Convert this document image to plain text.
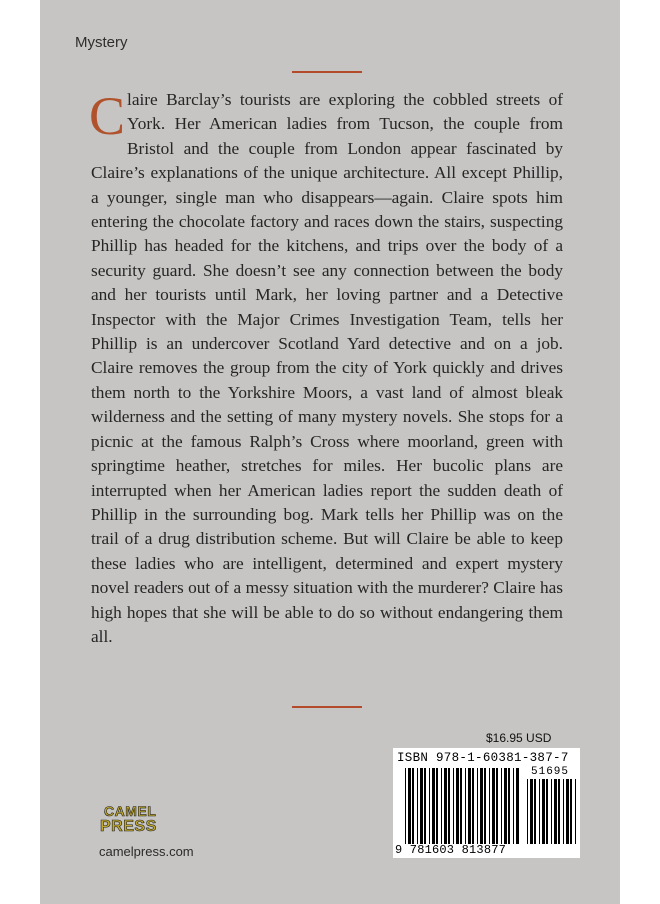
Mystery

Claire Barclay’s tourists are exploring the cobbled streets of York. Her American ladies from Tucson, the couple from Bristol and the couple from London appear fascinated by Claire’s explanations of the unique architecture. All except Phillip, a younger, single man who disappears—again. Claire spots him entering the chocolate factory and races down the stairs, suspecting Phillip has headed for the kitchens, and trips over the body of a security guard. She doesn’t see any connection between the body and her tourists until Mark, her loving partner and a Detective Inspector with the Major Crimes Investigation Team, tells her Phillip is an undercover Scotland Yard detective and on a job. Claire removes the group from the city of York quickly and drives them north to the Yorkshire Moors, a vast land of almost bleak wilderness and the setting of many mystery novels. She stops for a picnic at the famous Ralph’s Cross where moorland, green with springtime heather, stretches for miles. Her bucolic plans are interrupted when her American ladies report the sudden death of Phillip in the surrounding bog. Mark tells her Phillip was on the trail of a drug distribution scheme. But will Claire be able to keep these ladies who are intelligent, determined and expert mystery novel readers out of a messy situation with the murderer? Claire has high hopes that she will be able to do so without endangering them all.

$16.95 USD
ISBN 978-1-60381-387-7
51695
9 781603 813877
CAMEL
PRESS
camelpress.com
